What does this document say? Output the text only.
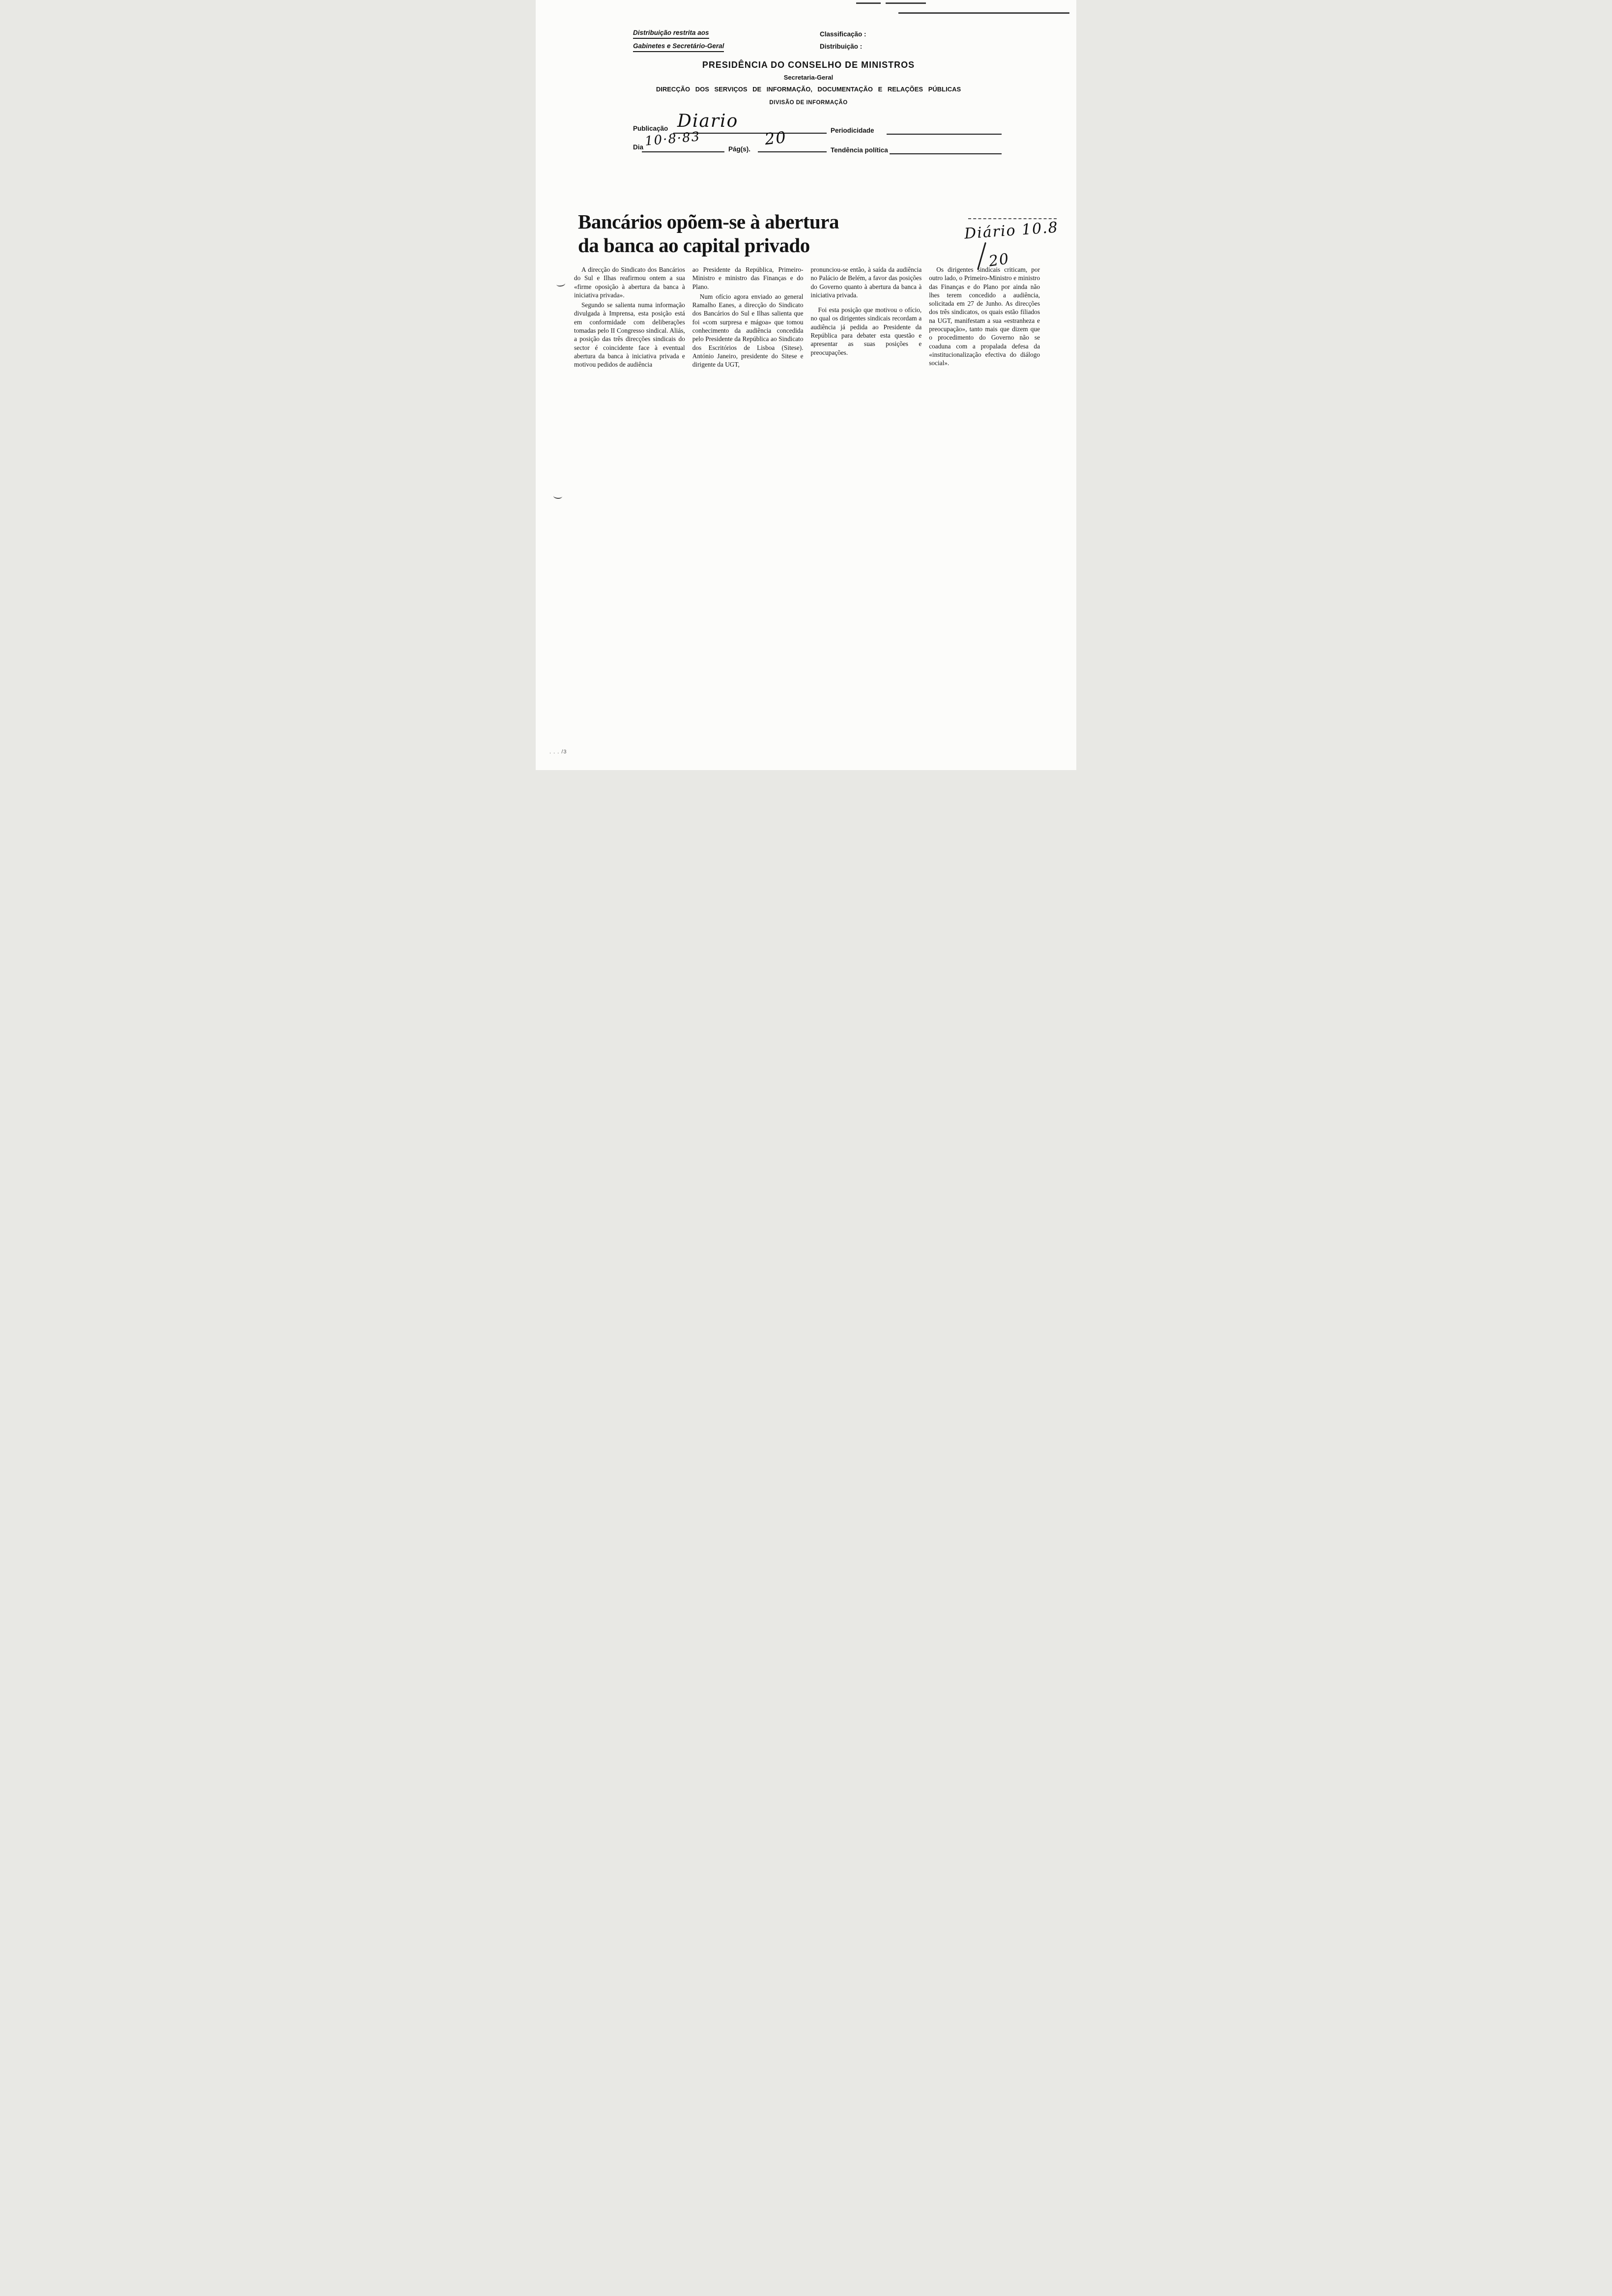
Distribuição restrita aos
Gabinetes e Secretário-Geral
Classificação :
Distribuição :
PRESIDÊNCIA DO CONSELHO DE MINISTROS
Secretaria-Geral
DIRECÇÃO DOS SERVIÇOS DE INFORMAÇÃO, DOCUMENTAÇÃO E RELAÇÕES PÚBLICAS
DIVISÃO DE INFORMAÇÃO
Publicação Diario	Periodicidade
Dia 10·8·83
Pág(s).
20
Tendência política
Bancários opõem-se à abertura
da banca ao capital privado
Diário 10.8
20

A direcção do Sindicato dos Bancários do Sul e Ilhas reafirmou ontem a sua «firme oposição à abertura da banca à iniciativa privada».

Segundo se salienta numa informação divulgada à Imprensa, esta posição está em conformidade com deliberações tomadas pelo II Congresso sindical. Aliás, a posição das três direcções sindicais do sector é coincidente face à eventual abertura da banca à iniciativa privada e motivou pedidos de audiência

ao Presidente da República, Primeiro-Ministro e ministro das Finanças e do Plano.

Num ofício agora enviado ao general Ramalho Eanes, a direcção do Sindicato dos Bancários do Sul e Ilhas salienta que foi «com surpresa e mágoa» que tomou conhecimento da audiência concedida pelo Presidente da República ao Sindicato dos Escritórios de Lisboa (Sitese). António Janeiro, presidente do Sitese e dirigente da UGT,

pronunciou-se então, à saída da audiência no Palácio de Belém, a favor das posições do Governo quanto à abertura da banca à iniciativa privada.

Foi esta posição que motivou o ofício, no qual os dirigentes sindicais recordam a audiência já pedida ao Presidente da República para debater esta questão e apresentar as suas posições e preocupações.

Os dirigentes sindicais criticam, por outro lado, o Primeiro-Ministro e ministro das Finanças e do Plano por ainda não lhes terem concedido a audiência, solicitada em 27 de Junho. As direcções dos três sindicatos, os quais estão filiados na UGT, manifestam a sua «estranheza e preocupação», tanto mais que dizem que o procedimento do Governo não se coaduna com a propalada defesa da «institucionalização efectiva do diálogo social».

. . . /3
